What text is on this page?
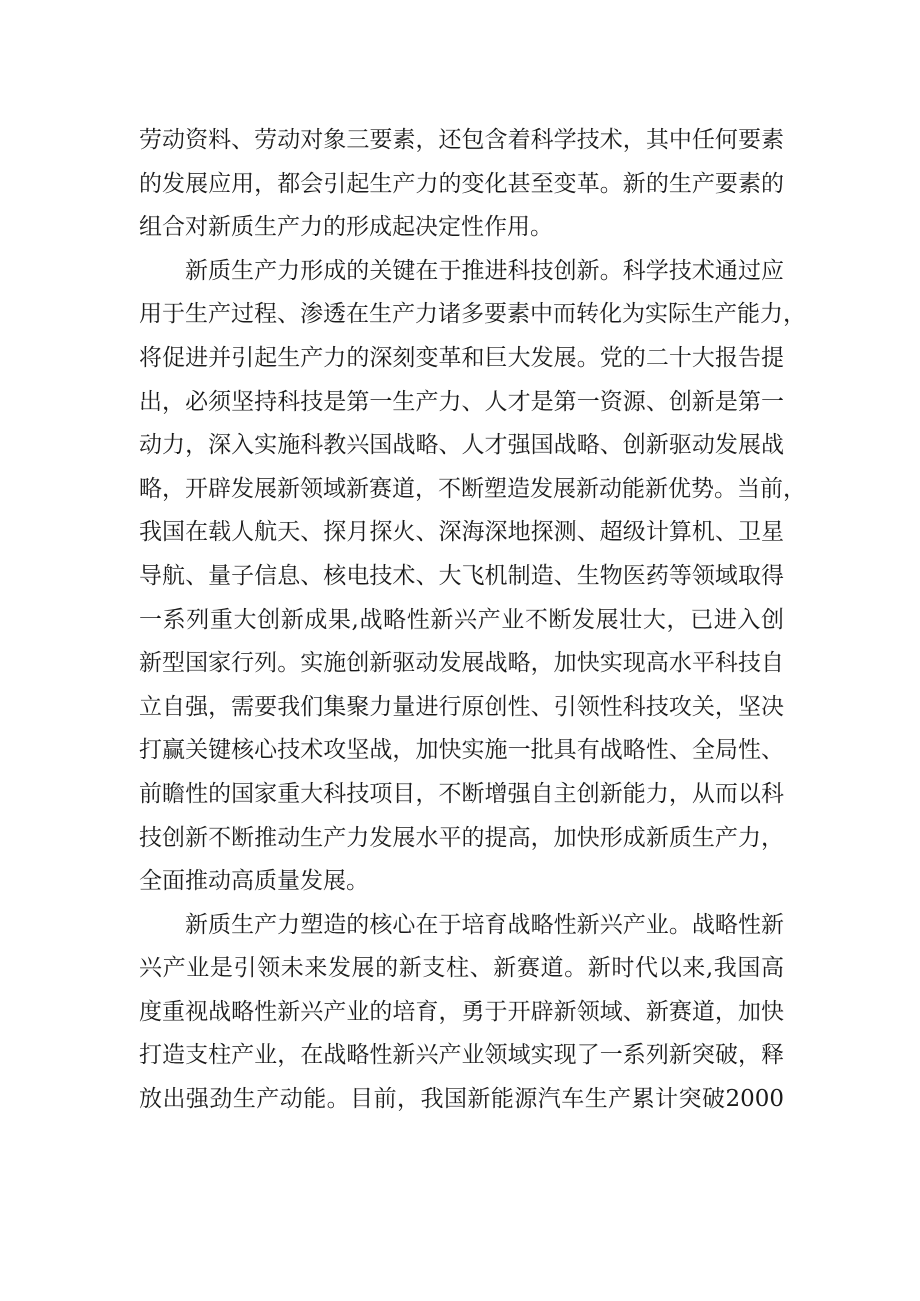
劳动资料、劳动对象三要素，还包含着科学技术，其中任何要素
的发展应用，都会引起生产力的变化甚至变革。新的生产要素的
组合对新质生产力的形成起决定性作用。
新质生产力形成的关键在于推进科技创新。科学技术通过应
用于生产过程、渗透在生产力诸多要素中而转化为实际生产能力，
将促进并引起生产力的深刻变革和巨大发展。党的二十大报告提
出，必须坚持科技是第一生产力、人才是第一资源、创新是第一
动力，深入实施科教兴国战略、人才强国战略、创新驱动发展战
略，开辟发展新领域新赛道，不断塑造发展新动能新优势。当前，
我国在载人航天、探月探火、深海深地探测、超级计算机、卫星
导航、量子信息、核电技术、大飞机制造、生物医药等领域取得
一系列重大创新成果,战略性新兴产业不断发展壮大，已进入创
新型国家行列。实施创新驱动发展战略，加快实现高水平科技自
立自强，需要我们集聚力量进行原创性、引领性科技攻关，坚决
打赢关键核心技术攻坚战，加快实施一批具有战略性、全局性、
前瞻性的国家重大科技项目，不断增强自主创新能力，从而以科
技创新不断推动生产力发展水平的提高，加快形成新质生产力，
全面推动高质量发展。
新质生产力塑造的核心在于培育战略性新兴产业。战略性新
兴产业是引领未来发展的新支柱、新赛道。新时代以来,我国高
度重视战略性新兴产业的培育，勇于开辟新领域、新赛道，加快
打造支柱产业，在战略性新兴产业领域实现了一系列新突破，释
放出强劲生产动能。目前，我国新能源汽车生产累计突破2000
